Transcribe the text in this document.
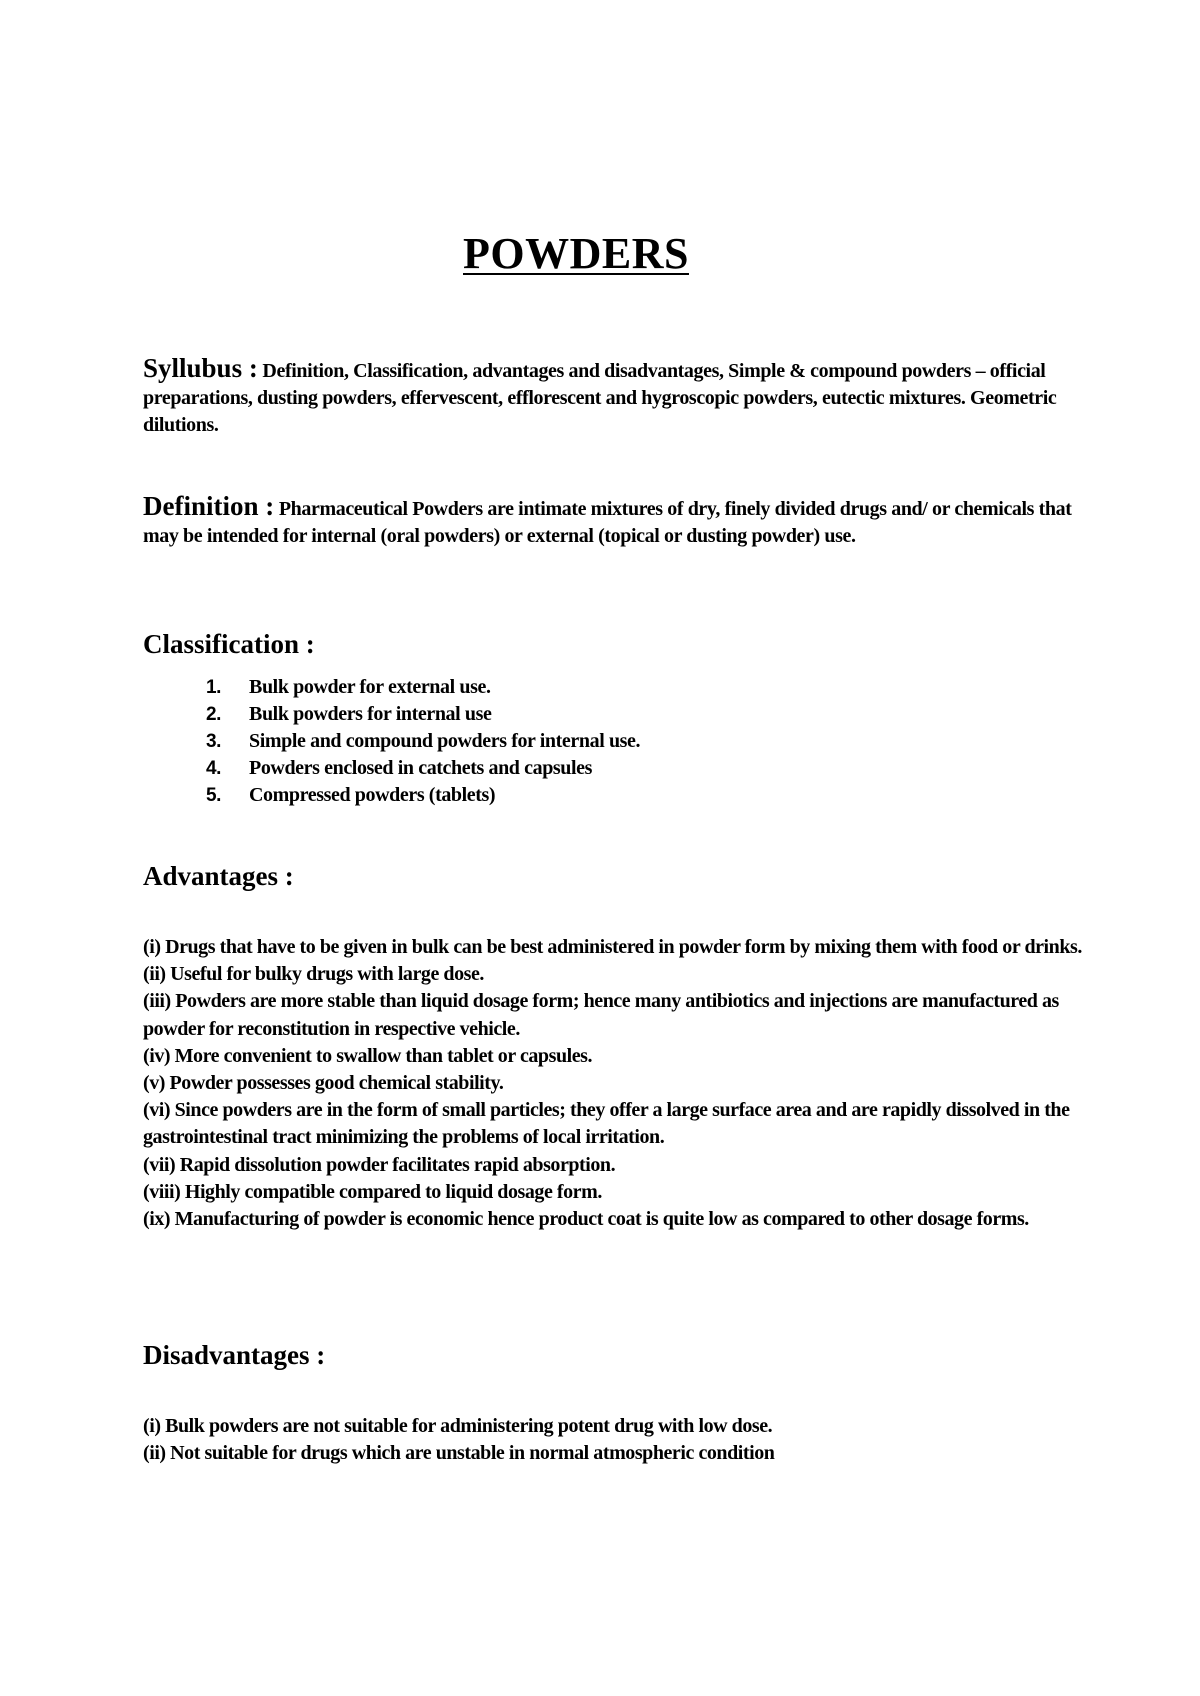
POWDERS
Syllubus : Definition, Classification, advantages and disadvantages, Simple & compound powders – official preparations, dusting powders, effervescent, efflorescent and hygroscopic powders, eutectic mixtures. Geometric dilutions.
Definition : Pharmaceutical Powders are intimate mixtures of dry, finely divided drugs and/ or chemicals that may be intended for internal (oral powders) or external (topical or dusting powder) use.
Classification :
1.	Bulk powder for external use.
2.	Bulk powders for internal use
3.	Simple and compound powders for internal use.
4.	Powders enclosed in catchets and capsules
5.	Compressed powders (tablets)
Advantages :

(i) Drugs that have to be given in bulk can be best administered in powder form by mixing them with food or drinks.

(ii) Useful for bulky drugs with large dose.

(iii) Powders are more stable than liquid dosage form; hence many antibiotics and injections are manufactured as powder for reconstitution in respective vehicle.

(iv) More convenient to swallow than tablet or capsules.

(v) Powder possesses good chemical stability.

(vi) Since powders are in the form of small particles; they offer a large surface area and are rapidly dissolved in the gastrointestinal tract minimizing the problems of local irritation.

(vii) Rapid dissolution powder facilitates rapid absorption.

(viii) Highly compatible compared to liquid dosage form.

(ix) Manufacturing of powder is economic hence product coat is quite low as compared to other dosage forms.

Disadvantages :

(i) Bulk powders are not suitable for administering potent drug with low dose.

(ii) Not suitable for drugs which are unstable in normal atmospheric condition
